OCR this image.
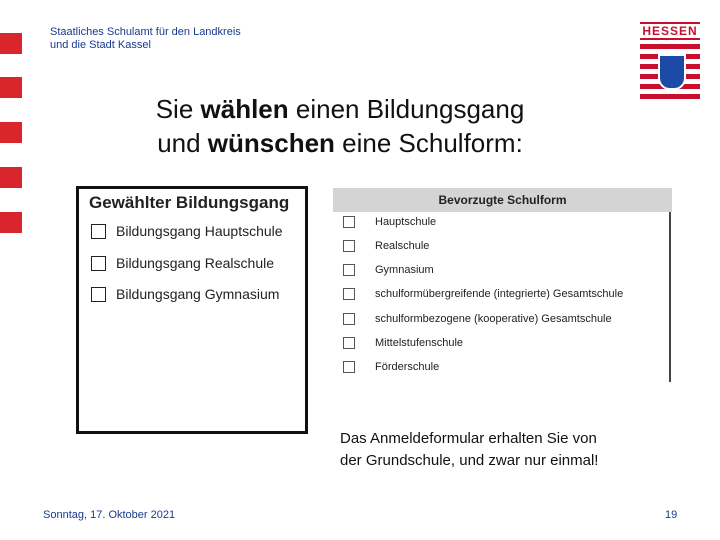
Staatliches Schulamt für den Landkreis
und die Stadt Kassel
HESSEN
Sie wählen einen Bildungsgang
und wünschen eine Schulform:
Gewählter Bildungsgang
Bildungsgang Hauptschule
Bildungsgang Realschule
Bildungsgang Gymnasium
Bevorzugte Schulform
Hauptschule
Realschule
Gymnasium
schulformübergreifende (integrierte) Gesamtschule
schulformbezogene (kooperative) Gesamtschule
Mittelstufenschule
Förderschule
Das Anmeldeformular erhalten Sie von
der Grundschule, und zwar nur einmal!
Sonntag, 17. Oktober 2021	19
